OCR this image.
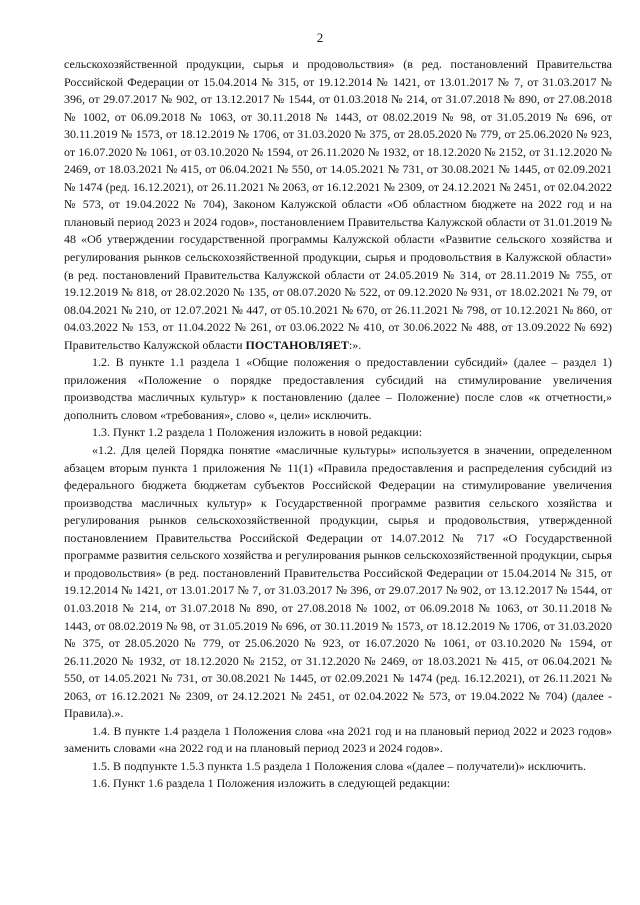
2

сельскохозяйственной продукции, сырья и продовольствия» (в ред. постановлений Правительства Российской Федерации от 15.04.2014 № 315, от 19.12.2014 № 1421, от 13.01.2017 № 7, от 31.03.2017 № 396, от 29.07.2017 № 902, от 13.12.2017 № 1544, от 01.03.2018 № 214, от 31.07.2018 № 890, от 27.08.2018 № 1002, от 06.09.2018 № 1063, от 30.11.2018 № 1443, от 08.02.2019 № 98, от 31.05.2019 № 696, от 30.11.2019 № 1573, от 18.12.2019 № 1706, от 31.03.2020 № 375, от 28.05.2020 № 779, от 25.06.2020 № 923, от 16.07.2020 № 1061, от 03.10.2020 № 1594, от 26.11.2020 № 1932, от 18.12.2020 № 2152, от 31.12.2020 № 2469, от 18.03.2021 № 415, от 06.04.2021 № 550, от 14.05.2021 № 731, от 30.08.2021 № 1445, от 02.09.2021 № 1474 (ред. 16.12.2021), от 26.11.2021 № 2063, от 16.12.2021 № 2309, от 24.12.2021 № 2451, от 02.04.2022 № 573, от 19.04.2022 № 704), Законом Калужской области «Об областном бюджете на 2022 год и на плановый период 2023 и 2024 годов», постановлением Правительства Калужской области от 31.01.2019 № 48 «Об утверждении государственной программы Калужской области «Развитие сельского хозяйства и регулирования рынков сельскохозяйственной продукции, сырья и продовольствия в Калужской области» (в ред. постановлений Правительства Калужской области от 24.05.2019 № 314, от 28.11.2019 № 755, от 19.12.2019 № 818, от 28.02.2020 № 135, от 08.07.2020 № 522, от 09.12.2020 № 931, от 18.02.2021 № 79, от 08.04.2021 № 210, от 12.07.2021 № 447, от 05.10.2021 № 670, от 26.11.2021 № 798, от 10.12.2021 № 860, от 04.03.2022 № 153, от 11.04.2022 № 261, от 03.06.2022 № 410, от 30.06.2022 № 488, от 13.09.2022 № 692) Правительство Калужской области ПОСТАНОВЛЯЕТ:».

1.2. В пункте 1.1 раздела 1 «Общие положения о предоставлении субсидий» (далее – раздел 1) приложения «Положение о порядке предоставления субсидий на стимулирование увеличения производства масличных культур» к постановлению (далее – Положение) после слов «к отчетности,» дополнить словом «требования», слово «, цели» исключить.

1.3. Пункт 1.2 раздела 1 Положения изложить в новой редакции:

«1.2. Для целей Порядка понятие «масличные культуры» используется в значении, определенном абзацем вторым пункта 1 приложения № 11(1) «Правила предоставления и распределения субсидий из федерального бюджета бюджетам субъектов Российской Федерации на стимулирование увеличения производства масличных культур» к Государственной программе развития сельского хозяйства и регулирования рынков сельскохозяйственной продукции, сырья и продовольствия, утвержденной постановлением Правительства Российской Федерации от 14.07.2012 № 717 «О Государственной программе развития сельского хозяйства и регулирования рынков сельскохозяйственной продукции, сырья и продовольствия» (в ред. постановлений Правительства Российской Федерации от 15.04.2014 № 315, от 19.12.2014 № 1421, от 13.01.2017 № 7, от 31.03.2017 № 396, от 29.07.2017 № 902, от 13.12.2017 № 1544, от 01.03.2018 № 214, от 31.07.2018 № 890, от 27.08.2018 № 1002, от 06.09.2018 № 1063, от 30.11.2018 № 1443, от 08.02.2019 № 98, от 31.05.2019 № 696, от 30.11.2019 № 1573, от 18.12.2019 № 1706, от 31.03.2020 № 375, от 28.05.2020 № 779, от 25.06.2020 № 923, от 16.07.2020 № 1061, от 03.10.2020 № 1594, от 26.11.2020 № 1932, от 18.12.2020 № 2152, от 31.12.2020 № 2469, от 18.03.2021 № 415, от 06.04.2021 № 550, от 14.05.2021 № 731, от 30.08.2021 № 1445, от 02.09.2021 № 1474 (ред. 16.12.2021), от 26.11.2021 № 2063, от 16.12.2021 № 2309, от 24.12.2021 № 2451, от 02.04.2022 № 573, от 19.04.2022 № 704) (далее - Правила).».

1.4. В пункте 1.4 раздела 1 Положения слова «на 2021 год и на плановый период 2022 и 2023 годов» заменить словами «на 2022 год и на плановый период 2023 и 2024 годов».

1.5. В подпункте 1.5.3 пункта 1.5 раздела 1 Положения слова «(далее – получатели)» исключить.

1.6. Пункт 1.6 раздела 1 Положения изложить в следующей редакции:
